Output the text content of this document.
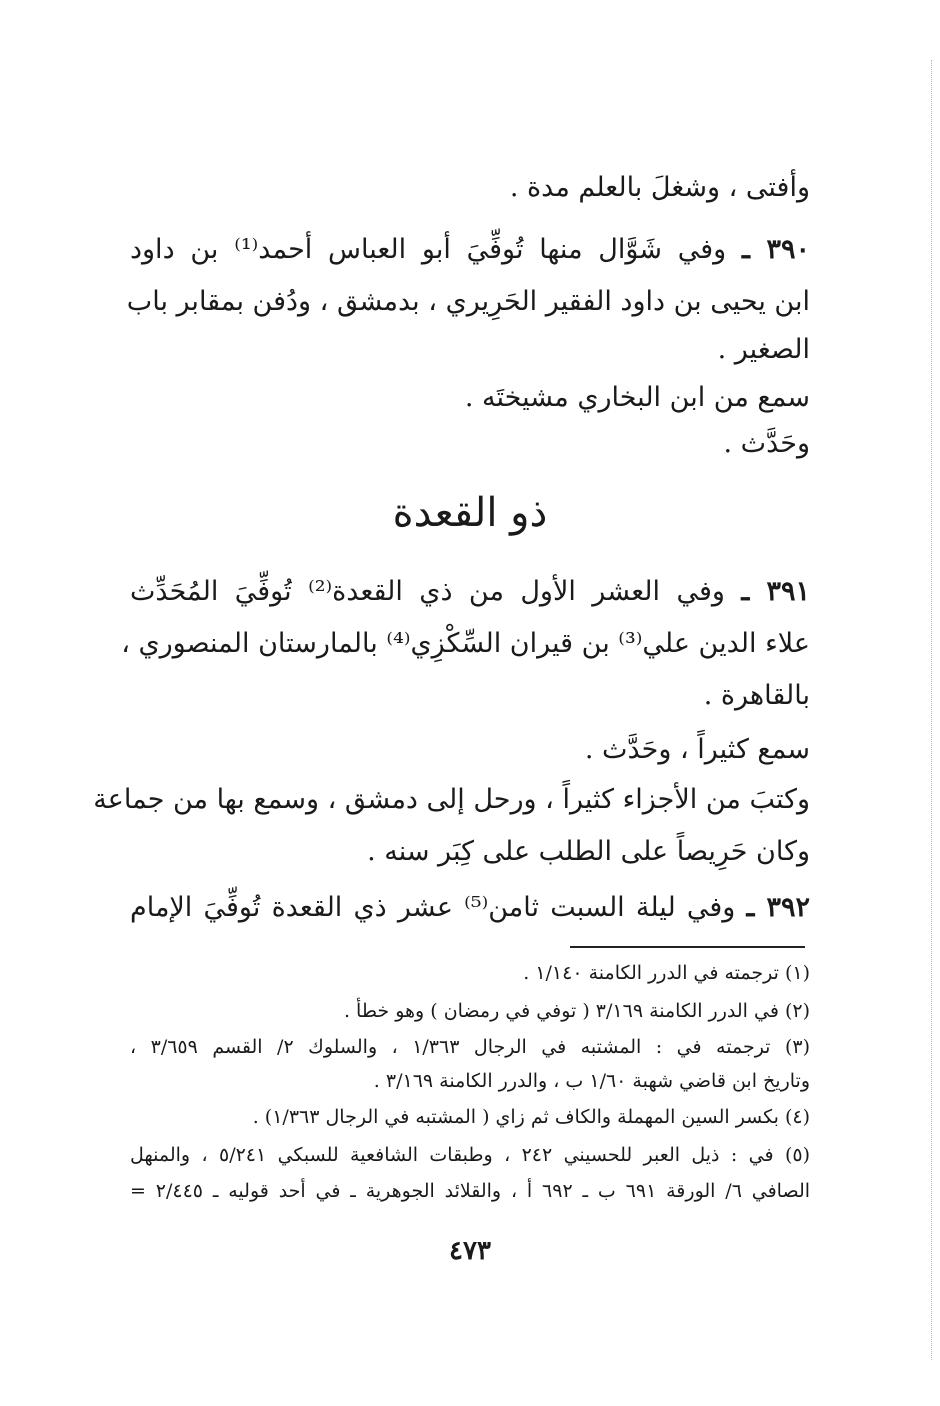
وأفتى ، وشغلَ بالعلم مدة .
٣٩٠ ـ وفي شَوَّال منها تُوفِّيَ أبو العباس أحمد⁽¹⁾ بن داود
ابن يحيى بن داود الفقير الحَرِيري ، بدمشق ، ودُفن بمقابر باب
الصغير .
سمع من ابن البخاري مشيختَه .
وحَدَّث .
ذو القعدة
٣٩١ ـ وفي العشر الأول من ذي القعدة⁽²⁾ تُوفِّيَ المُحَدِّث
علاء الدين علي⁽³⁾ بن قيران السِّكْزِي⁽⁴⁾ بالمارستان المنصوري ،
بالقاهرة .
سمع كثيراً ، وحَدَّث .
وكتبَ من الأجزاء كثيراً ، ورحل إلى دمشق ، وسمع بها من جماعة
وكان حَرِيصاً على الطلب على كِبَر سنه .
٣٩٢ ـ وفي ليلة السبت ثامن⁽⁵⁾ عشر ذي القعدة تُوفِّيَ الإمام
(١) ترجمته في الدرر الكامنة ١/١٤٠ .
(٢) في الدرر الكامنة ٣/١٦٩ ( توفي في رمضان ) وهو خطأ .
(٣) ترجمته في : المشتبه في الرجال ١/٣٦٣ ، والسلوك ٢/ القسم ٣/٦٥٩ ،
وتاريخ ابن قاضي شهبة ١/٦٠ ب ، والدرر الكامنة ٣/١٦٩ .
(٤) بكسر السين المهملة والكاف ثم زاي ( المشتبه في الرجال ١/٣٦٣) .
(٥) في : ذيل العبر للحسيني ٢٤٢ ، وطبقات الشافعية للسبكي ٥/٢٤١ ، والمنهل
الصافي ٦/ الورقة ٦٩١ ب ـ ٦٩٢ أ ، والقلائد الجوهرية ـ في أحد قوليه ـ ٢/٤٤٥ =
٤٧٣
